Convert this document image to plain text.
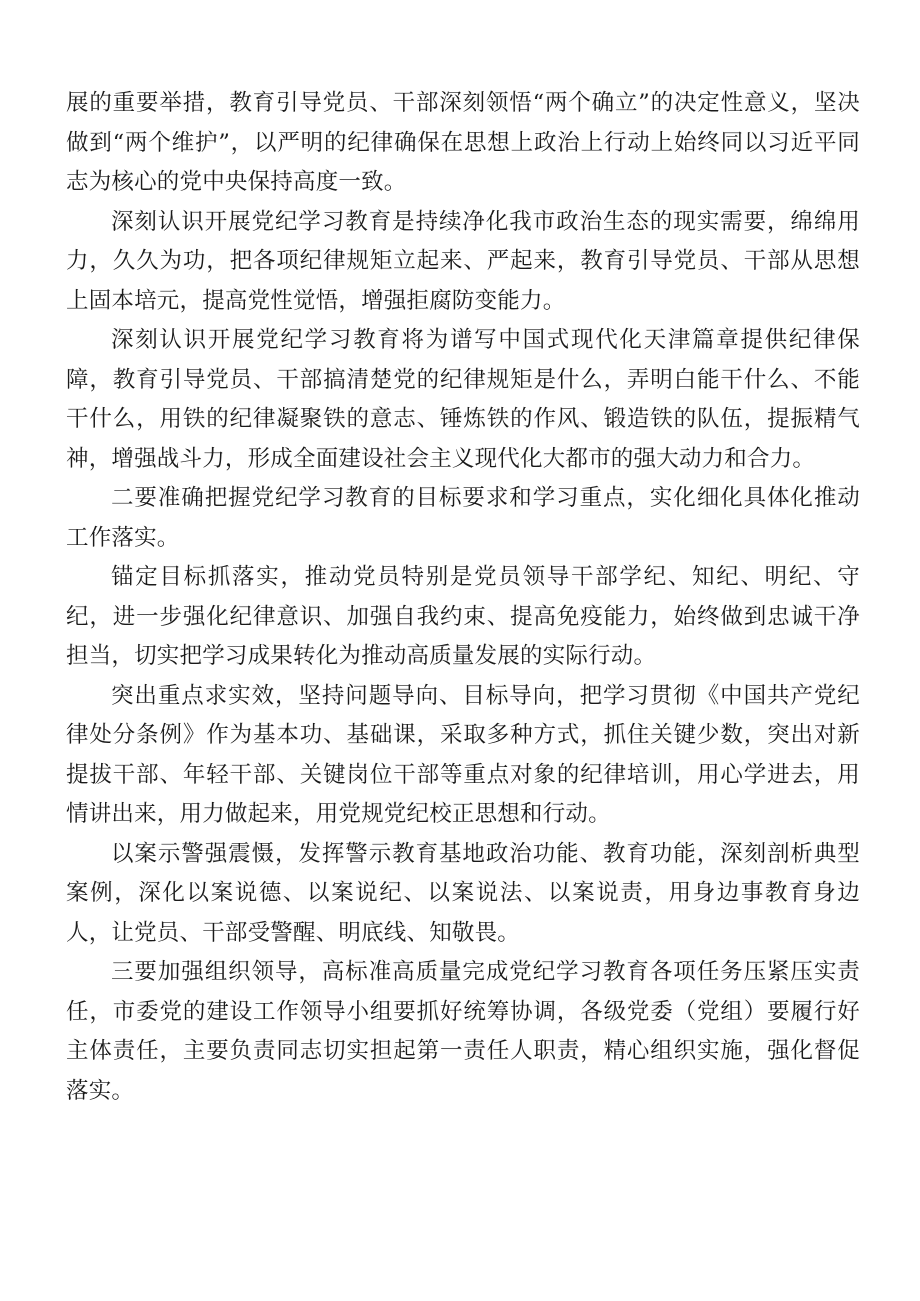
展的重要举措，教育引导党员、干部深刻领悟“两个确立”的决定性意义，坚决做到“两个维护”，以严明的纪律确保在思想上政治上行动上始终同以习近平同志为核心的党中央保持高度一致。

深刻认识开展党纪学习教育是持续净化我市政治生态的现实需要，绵绵用力，久久为功，把各项纪律规矩立起来、严起来，教育引导党员、干部从思想上固本培元，提高党性觉悟，增强拒腐防变能力。

深刻认识开展党纪学习教育将为谱写中国式现代化天津篇章提供纪律保障，教育引导党员、干部搞清楚党的纪律规矩是什么，弄明白能干什么、不能干什么，用铁的纪律凝聚铁的意志、锤炼铁的作风、锻造铁的队伍，提振精气神，增强战斗力，形成全面建设社会主义现代化大都市的强大动力和合力。

二要准确把握党纪学习教育的目标要求和学习重点，实化细化具体化推动工作落实。

锚定目标抓落实，推动党员特别是党员领导干部学纪、知纪、明纪、守纪，进一步强化纪律意识、加强自我约束、提高免疫能力，始终做到忠诚干净担当，切实把学习成果转化为推动高质量发展的实际行动。

突出重点求实效，坚持问题导向、目标导向，把学习贯彻《中国共产党纪律处分条例》作为基本功、基础课，采取多种方式，抓住关键少数，突出对新提拔干部、年轻干部、关键岗位干部等重点对象的纪律培训，用心学进去，用情讲出来，用力做起来，用党规党纪校正思想和行动。

以案示警强震慑，发挥警示教育基地政治功能、教育功能，深刻剖析典型案例，深化以案说德、以案说纪、以案说法、以案说责，用身边事教育身边人，让党员、干部受警醒、明底线、知敬畏。

三要加强组织领导，高标准高质量完成党纪学习教育各项任务压紧压实责任，市委党的建设工作领导小组要抓好统筹协调，各级党委（党组）要履行好主体责任，主要负责同志切实担起第一责任人职责，精心组织实施，强化督促落实。
